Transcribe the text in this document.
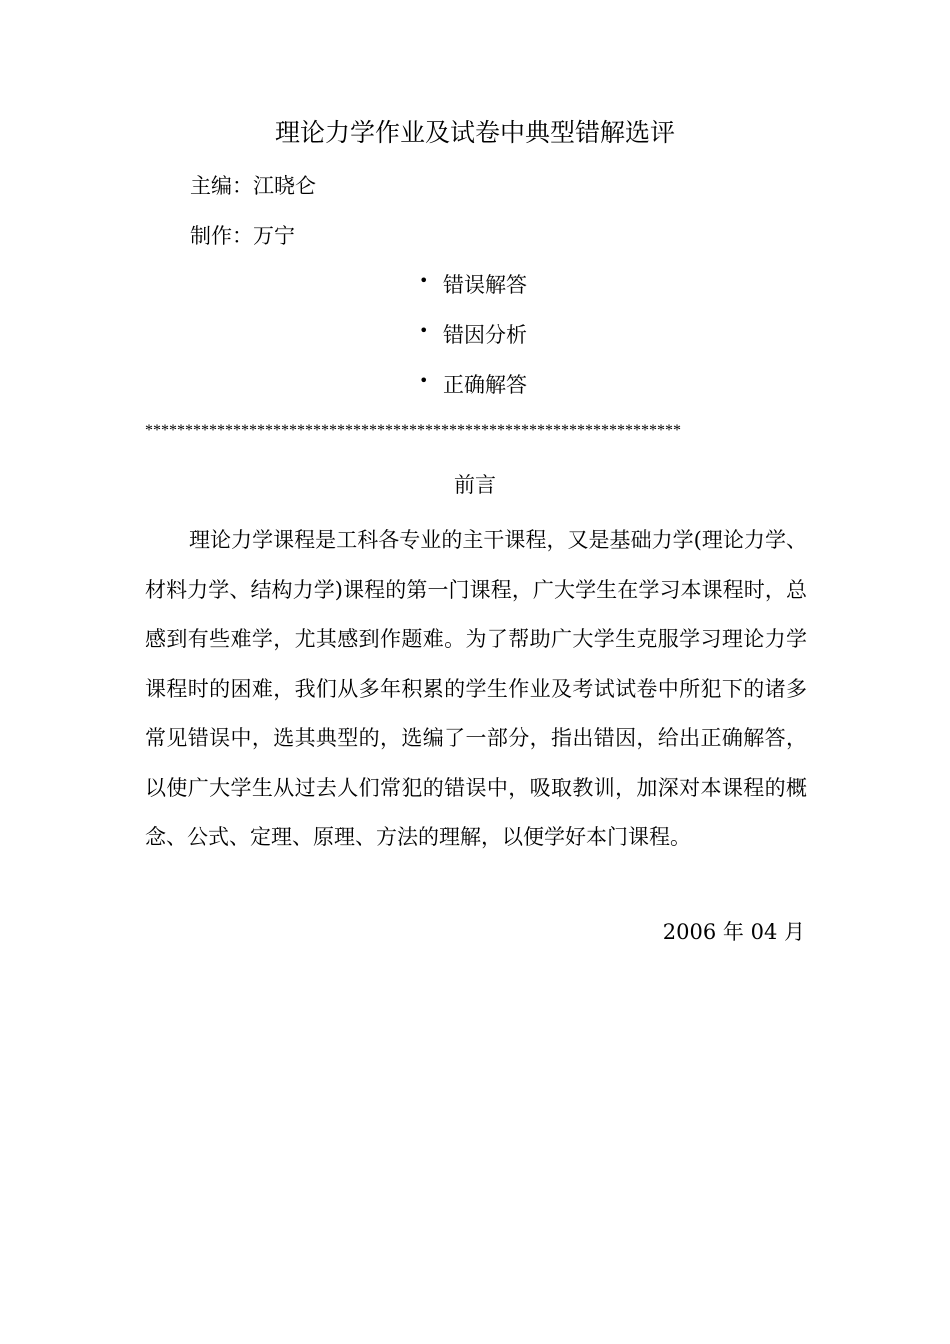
理论力学作业及试卷中典型错解选评
主编：江晓仑
制作：万宁
• 错误解答
• 错因分析
• 正确解答
*******************************************************************
前言

理论力学课程是工科各专业的主干课程，又是基础力学(理论力学、材料力学、结构力学)课程的第一门课程，广大学生在学习本课程时，总感到有些难学，尤其感到作题难。为了帮助广大学生克服学习理论力学课程时的困难，我们从多年积累的学生作业及考试试卷中所犯下的诸多常见错误中，选其典型的，选编了一部分，指出错因，给出正确解答，以使广大学生从过去人们常犯的错误中，吸取教训，加深对本课程的概念、公式、定理、原理、方法的理解，以便学好本门课程。

2006 年 04 月
